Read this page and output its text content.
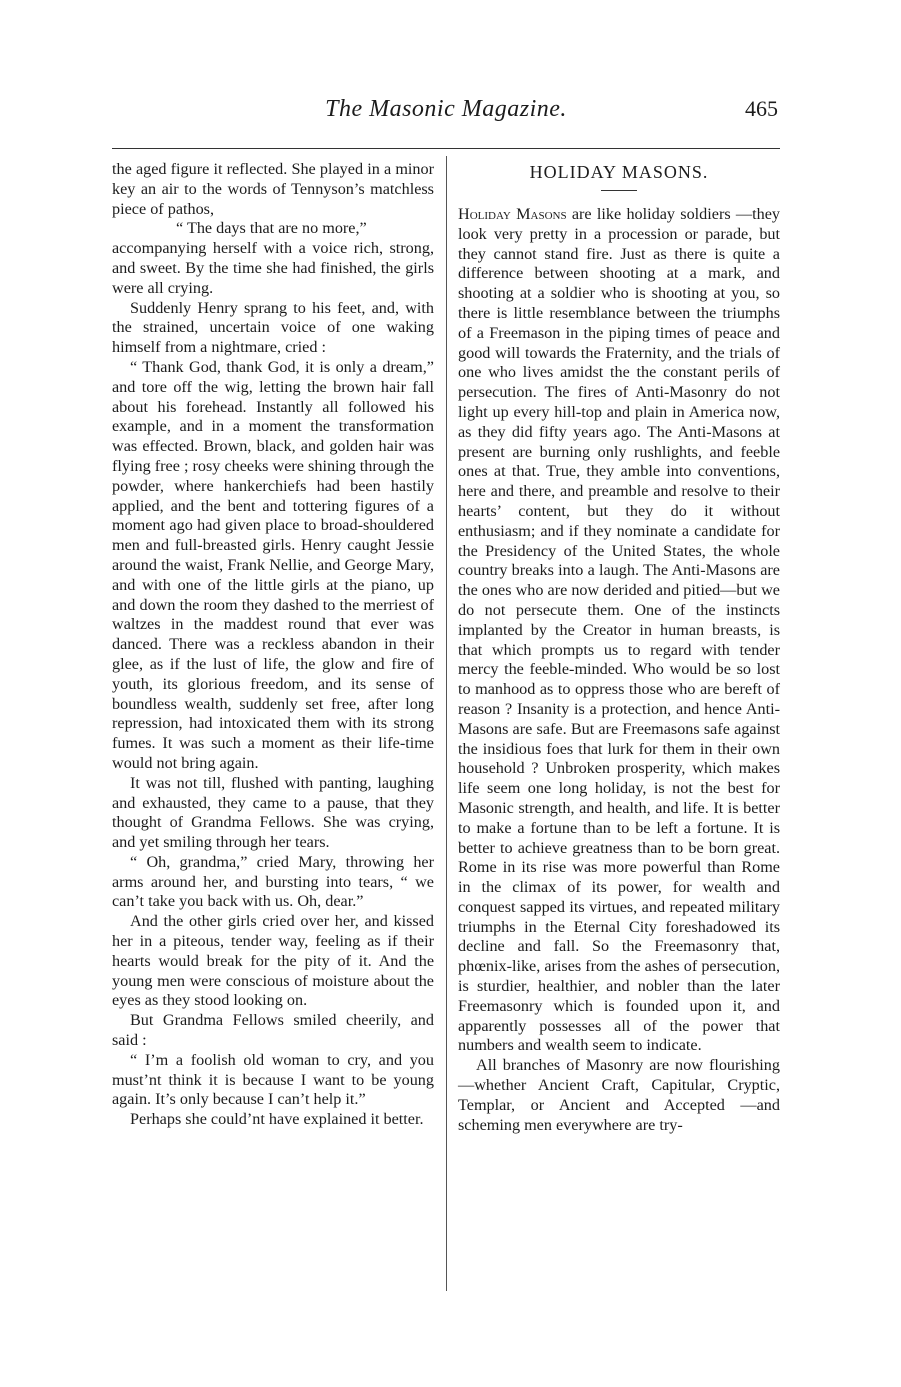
The Masonic Magazine.	465

the aged figure it reflected. She played in a minor key an air to the words of Tennyson’s matchless piece of pathos,

“ The days that are no more,”

accompanying herself with a voice rich, strong, and sweet. By the time she had finished, the girls were all crying.

Suddenly Henry sprang to his feet, and, with the strained, uncertain voice of one waking himself from a nightmare, cried :

“ Thank God, thank God, it is only a dream,” and tore off the wig, letting the brown hair fall about his forehead. Instantly all followed his example, and in a moment the transformation was effected. Brown, black, and golden hair was flying free ; rosy cheeks were shining through the powder, where hankerchiefs had been hastily applied, and the bent and tottering figures of a moment ago had given place to broad-shouldered men and full-breasted girls. Henry caught Jessie around the waist, Frank Nellie, and George Mary, and with one of the little girls at the piano, up and down the room they dashed to the merriest of waltzes in the maddest round that ever was danced. There was a reckless abandon in their glee, as if the lust of life, the glow and fire of youth, its glorious freedom, and its sense of boundless wealth, suddenly set free, after long repression, had intoxicated them with its strong fumes. It was such a moment as their life-time would not bring again.

It was not till, flushed with panting, laughing and exhausted, they came to a pause, that they thought of Grandma Fellows. She was crying, and yet smiling through her tears.

“ Oh, grandma,” cried Mary, throwing her arms around her, and bursting into tears, “ we can’t take you back with us. Oh, dear.”

And the other girls cried over her, and kissed her in a piteous, tender way, feeling as if their hearts would break for the pity of it. And the young men were conscious of moisture about the eyes as they stood looking on.

But Grandma Fellows smiled cheerily, and said :

“ I’m a foolish old woman to cry, and you must’nt think it is because I want to be young again. It’s only because I can’t help it.”

Perhaps she could’nt have explained it better.

HOLIDAY MASONS.

Holiday Masons are like holiday soldiers —they look very pretty in a procession or parade, but they cannot stand fire. Just as there is quite a difference between shooting at a mark, and shooting at a soldier who is shooting at you, so there is little resemblance between the triumphs of a Freemason in the piping times of peace and good will towards the Fraternity, and the trials of one who lives amidst the the constant perils of persecution. The fires of Anti-Masonry do not light up every hill-top and plain in America now, as they did fifty years ago. The Anti-Masons at present are burning only rushlights, and feeble ones at that. True, they amble into conventions, here and there, and preamble and resolve to their hearts’ content, but they do it without enthusiasm; and if they nominate a candidate for the Presidency of the United States, the whole country breaks into a laugh. The Anti-Masons are the ones who are now derided and pitied—but we do not persecute them. One of the instincts implanted by the Creator in human breasts, is that which prompts us to regard with tender mercy the feeble-minded. Who would be so lost to manhood as to oppress those who are bereft of reason ? Insanity is a protection, and hence Anti-Masons are safe. But are Freemasons safe against the insidious foes that lurk for them in their own household ? Unbroken prosperity, which makes life seem one long holiday, is not the best for Masonic strength, and health, and life. It is better to make a fortune than to be left a fortune. It is better to achieve greatness than to be born great. Rome in its rise was more powerful than Rome in the climax of its power, for wealth and conquest sapped its virtues, and repeated military triumphs in the Eternal City foreshadowed its decline and fall. So the Freemasonry that, phœnix-like, arises from the ashes of persecution, is sturdier, healthier, and nobler than the later Freemasonry which is founded upon it, and apparently possesses all of the power that numbers and wealth seem to indicate.

All branches of Masonry are now flourishing—whether Ancient Craft, Capitular, Cryptic, Templar, or Ancient and Accepted —and scheming men everywhere are try-
